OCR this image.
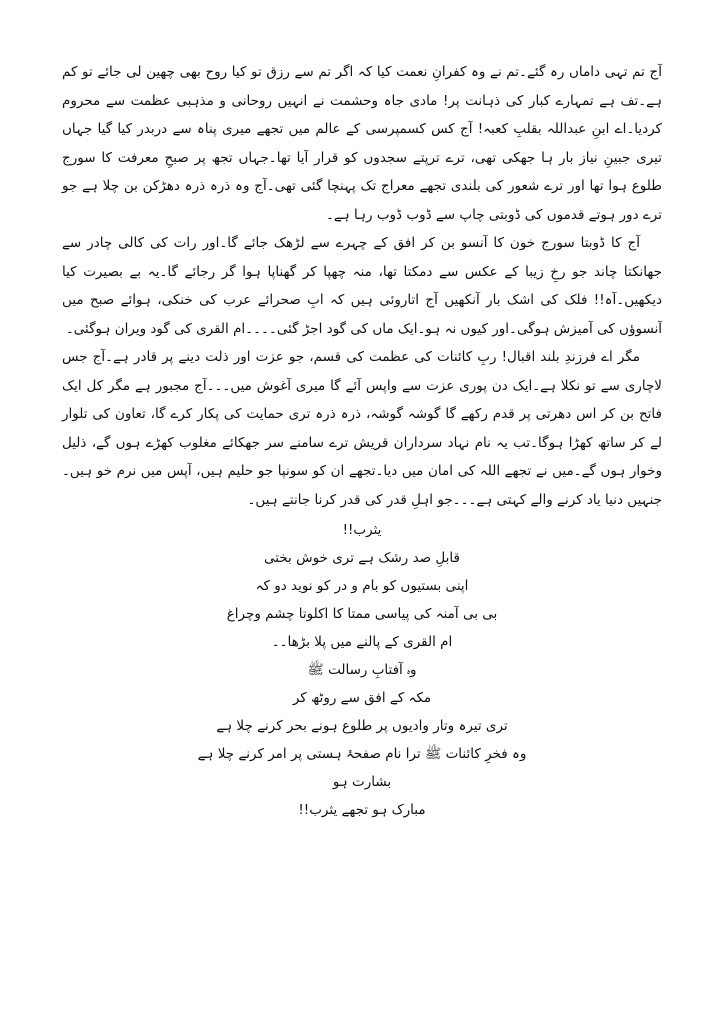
آج تم تہی داماں رہ گئے۔تم نے وہ کفرانِ نعمت کیا کہ اگر تم سے رزق تو کیا روح بھی چھین لی جائے تو کم ہے۔تف ہے تمہارے کبار کی ذہانت پر! مادی جاہ وحشمت نے انہیں روحانی و مذہبی عظمت سے محروم کردیا۔اے ابنِ عبداللہ بقلبِ کعبہ! آج کس کسمپرسی کے عالم میں تجھے میری پناہ سے دربدر کیا گیا جہاں تیری جبینِ نیاز بار ہا جھکی تھی، ترے ترپتے سجدوں کو قرار آیا تھا۔جہاں تجھ پر صبحِ معرفت کا سورج طلوع ہوا تھا اور ترے شعور کی بلندی تجھے معراج تک پہنچا گئی تھی۔آج وہ ذرہ ذرہ دھڑکن بن چلا ہے جو ترے دور ہوتے قدموں کی ڈوبتی چاپ سے ڈوب ڈوب رہا ہے۔

آج کا ڈوبتا سورج خون کا آنسو بن کر افق کے چہرے سے لڑھک جائے گا۔اور رات کی کالی چادر سے جھانکتا چاند جو رخِ زیبا کے عکس سے دمکتا تھا، منہ چھپا کر گھناپا ہوا گر رجائے گا۔یہ بے بصیرت کیا دیکھیں۔آہ!! فلک کی اشک بار آنکھیں آج اتاروئی ہیں کہ ابِ صحرائے عرب کی خنکی، ہوائے صبح میں آنسوؤں کی آمیزش ہوگی۔اور کیوں نہ ہو۔ایک ماں کی گود اجڑ گئی۔۔۔۔ام القری کی گود ویران ہوگئی۔

مگر اے فرزندِ بلند اقبال! ربِ کائنات کی عظمت کی قسم، جو عزت اور ذلت دینے پر قادر ہے۔آج جس لاچاری سے تو نکلا ہے۔ایک دن پوری عزت سے واپس آئے گا میری آغوش میں۔۔۔آج مجبور ہے مگر کل ایک فاتح بن کر اس دھرتی پر قدم رکھے گا گوشہ گوشہ، ذرہ ذرہ تری حمایت کی پکار کرے گا، تعاون کی تلوار لے کر ساتھ کھڑا ہوگا۔تب یہ نام نہاد سرداران قریش ترے سامنے سر جھکائے مغلوب کھڑے ہوں گے، ذلیل وخوار ہوں گے۔میں نے تجھے اللہ کی امان میں دیا۔تجھے ان کو سونپا جو حلیم ہیں، آپس میں نرم خو ہیں۔جنہیں دنیا یاد کرنے والے کہتی ہے۔۔۔جو اہلِ قدر کی قدر کرنا جانتے ہیں۔

یثرب!!

قابلِ صد رشک ہے تری خوش بختی

اپنی بستیوں کو بام و در کو نوید دو کہ

بی بی آمنہ کی پیاسی ممتا کا اکلوتا چشم وچراغ

ام القری کے پالنے میں پلا بڑھا۔۔

وہ آفتابِ رسالت ﷺ

مکہ کے افق سے روٹھ کر

تری تیرہ وتار وادیوں پر طلوع ہونے بحر کرنے چلا ہے

وہ فخرِ کائنات ﷺ ترا نام صفحۂ ہستی پر امر کرنے چلا ہے

بشارت ہو

مبارک ہو تجھے یثرب!!
